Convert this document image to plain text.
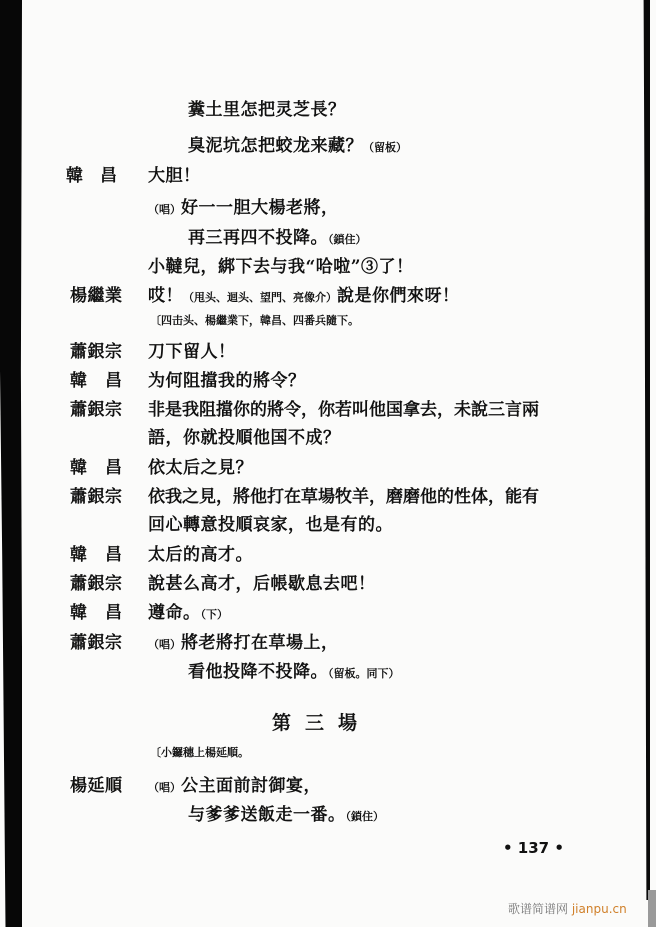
糞土里怎把灵芝長？
臭泥坑怎把蛟龙来藏？（留板）
韓　昌 大胆！
（唱）好一一胆大楊老將，
再三再四不投降。（鎖住）
小韃兒，綁下去与我“哈啦”③了！
楊繼業 哎！（甩头、迴头、望門、亮像介）說是你們來呀！
〔四击头、楊繼業下，韓昌、四番兵隨下。
蕭銀宗 刀下留人！
韓　昌 为何阻擋我的將令？
蕭銀宗 非是我阻擋你的將令，你若叫他国拿去，未說三言兩
語，你就投順他国不成？
韓　昌 依太后之見？
蕭銀宗 依我之見，將他打在草場牧羊，磨磨他的性体，能有
回心轉意投順哀家，也是有的。
韓　昌 太后的高才。
蕭銀宗 說甚么高才，后帳歇息去吧！
韓　昌 遵命。（下）
蕭銀宗 （唱）將老將打在草場上，
看他投降不投降。（留板。同下）
第三場
〔小鑼穗上楊延順。
楊延順 （唱）公主面前討御宴，
与爹爹送飯走一番。（鎖住）
• 137 •
歌谱简谱网 jianpu.cn
